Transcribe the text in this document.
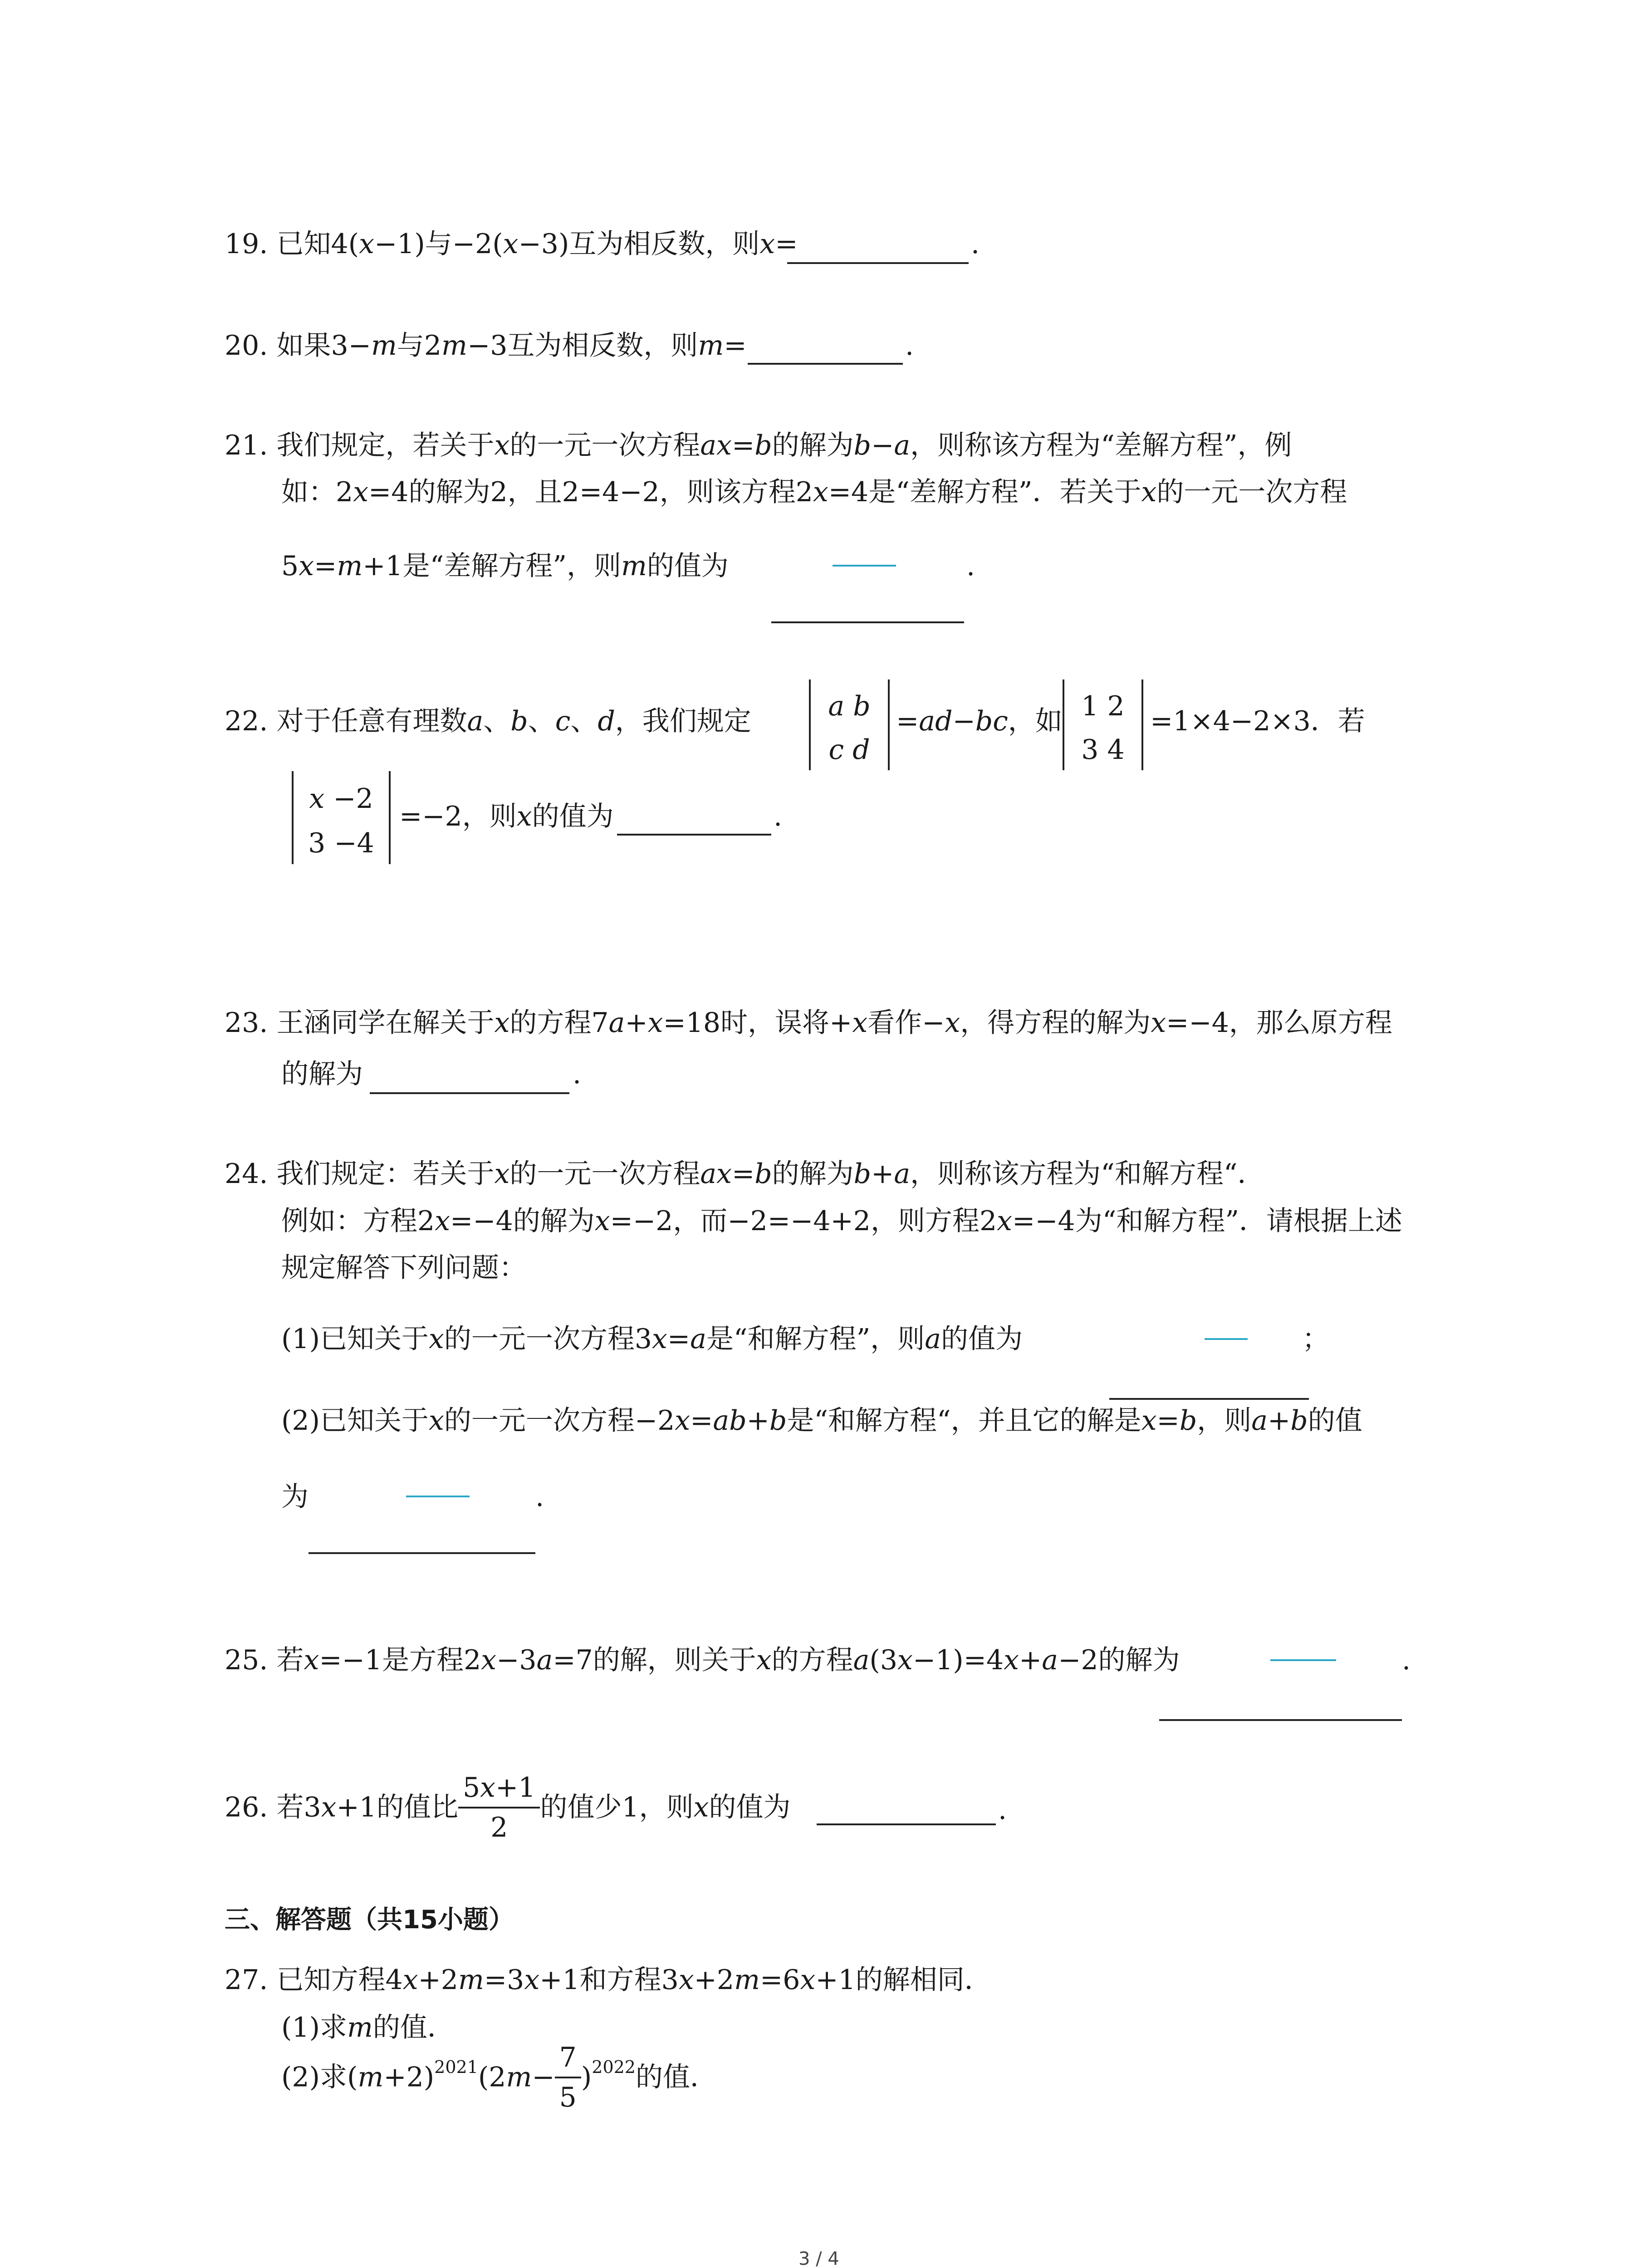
19. 已知4(x−1)与−2(x−3)互为相反数，则x=	.
20. 如果3−m与2m−3互为相反数，则m=	.
21. 我们规定，若关于x的一元一次方程ax=b的解为b−a，则称该方程为“差解方程”，例
如：2x=4的解为2，且2=4−2，则该方程2x=4是“差解方程”．若关于x的一元一次方程
5x=m+1是“差解方程”，则m的值为	.
22. 对于任意有理数a、b、c、d，我们规定	a b
c d
=ad−bc，如 1 2
3 4
=1×4−2×3．若
x −2
3 −4
=−2，则x的值为	.
23. 王涵同学在解关于x的方程7a+x=18时，误将+x看作−x，得方程的解为x=−4，那么原方程
的解为	.
24. 我们规定：若关于x的一元一次方程ax=b的解为b+a，则称该方程为“和解方程“．
例如：方程2x=−4的解为x=−2，而−2=−4+2，则方程2x=−4为“和解方程”．请根据上述
规定解答下列问题：
(1)已知关于x的一元一次方程3x=a是“和解方程”，则a的值为	；
(2)已知关于x的一元一次方程−2x=ab+b是“和解方程“，并且它的解是x=b，则a+b的值
为	.
25. 若x=−1是方程2x−3a=7的解，则关于x的方程a(3x−1)=4x+a−2的解为	.
26. 若3x+1的值比 $\frac{5x+1}{2}$ 的值少1，则x的值为	.
三、解答题（共15小题）
27. 已知方程4x+2m=3x+1和方程3x+2m=6x+1的解相同．
(1)求m的值．
(2)求$(m+2)^{2021}(2m- \frac{7}{5} )^{2022}$的值．
3 / 4
